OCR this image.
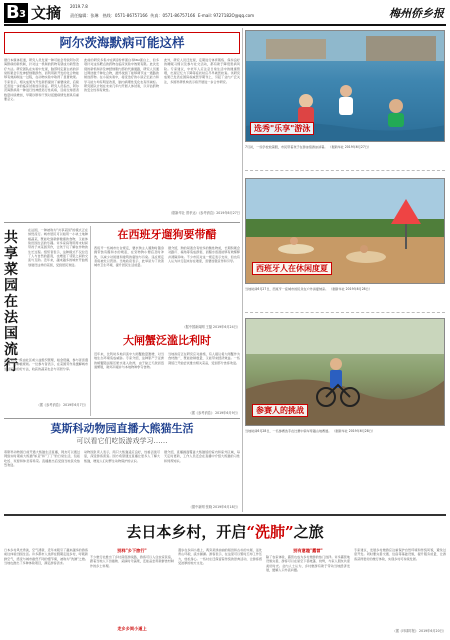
B 3 文摘 2019.7.8
责任编辑：张琳 热线：0571-86757166 传真：0571-86757166 E-mail: 9727182O@qq.com	梅州侨乡报
阿尔茨海默病可能这样
据日本媒体报道，研究人员发现一种可能会导致阿尔茨海默病的新机制，针对这一机制的药物有望成为新型治疗方法。研究团队在实验中发现，脑部特定蛋白质的异常积累会引发神经细胞损伤，而利用新开发的化合物能够有效抑制这一过程，在动物实验中取得了显著效果。专家表示，相关成果为开发新药提供了重要线索，后续还需进一步的临床试验加以验证。研究人员指出，阿尔茨海默病是一种进行性神经退行性疾病，目前全球患者数量持续增加，早期诊断和干预对延缓病情发展具有重要意义。
此前的研究多集中在β淀粉样蛋白和tau蛋白上，但多项针对这些靶点的药物在临床试验中效果有限。此次发现的新机制涉及神经细胞内部的代谢通路，研究人员通过筛选数千种化合物，最终找到了能够调节这一通路的候选药物。在小鼠实验中，接受治疗的小鼠记忆能力和学习能力均有明显改善，脑内病理性变化也有所减轻。研究团队计划在未来几年内开展人体试验，以评估药物的安全性和有效性。
此外，研究人员还发现，定期进行体育锻炼、保持良好的睡眠习惯以及参与社交活动，都有助于降低患病风险。专家建议，中老年人应注意日常生活中的健康管理，出现记忆力下降等症状时应尽早就医检查。该研究成果已发表在国际权威医学期刊上，引起了业内广泛关注，多国科研机构表示将开展进一步合作研究。
（据新华社 曾孝达）《参考消息》2019年6月27日
选秀"乐享"游泳
7月初，一些学校放暑假，市民带着孩子在游泳馆游泳消暑。 （据新华社 2019年6月27日）
共享菜园在法国流行
在法国，一种被称为"共享菜园"的模式正在悄然流行。城市居民可以租用一小块土地种植蔬菜，既能吃到新鲜健康的食物，又能体验田园生活的乐趣。许多家庭利用周末时间带孩子来菜园劳作，让孩子们了解农作物的生长过程。组织者表示，这种模式不仅拉近了人与自然的距离，也增进了邻里之间的交流与互助。近年来，越来越多的城市开始规划建设这样的菜园，受到居民欢迎。
共享菜园一般由社区或公益组织管理，租金低廉，参与者需遵守统一的种植规则。一位参与者表示，在菜园劳作是缓解城市生活压力的好方法，收获的蔬菜也会与邻居分享。
（据《参考消息》 2019年6月7日）
在西班牙遛狗要带醋
西班牙一些城市出台规定，要求狗主人遛狗时随身携带装有醋和水的喷壶，在宠物狗小便后及时冲洗，以减少对街道和建筑的腐蚀与污染。违反规定者将被处以罚款。当地政府表示，此举是为了改善城市卫生环境，提升居民生活质量。
据介绍，狗的尿液含有较多的酸性物质，长期积累会对路灯、墙角等造成损害，而醋水溶液能够有效稀释并清除异味。不少市民对这一规定表示支持，但也有人认为执行起来存在难度，需要加强宣传和引导。
（据中国新闻网 王磊 2019年6月24日）
西班牙人在休闲度夏
当地时间6月27日，西班牙一座城市的民众在户外消夏纳凉。 （据新华社 2019年6月28日）
大闸蟹泛滥比利时
近年来，比利时多地河流中大闸蟹数量激增，对当地生态环境造成威胁。专家介绍，这种原产于亚洲的螃蟹随货船压舱水进入欧洲，由于缺乏天敌而迅速繁殖，破坏河堤并与本地物种争夺食物。
当地政府正在研究应对措施，有人提议将大闸蟹作为食材推广，既能控制数量，又能带来经济效益。一些餐馆已开始尝试推出相关菜品，受到部分食客欢迎。
（据《参考消息》 2019年6月9日）	参赛人的挑战
当地时间6月28日，一名参赛选手在比赛中骑车穿越山地赛道。 （据新华社 2019年6月28日）
莫斯科动物园直播大熊猫生活
可以看它们吃饭游戏学习……
莫斯科动物园日前开通大熊猫生活直播，网友可以通过网络实时观看大熊猫"如意"和"丁丁"的日常生活，包括吃饭、玩耍和休息等场景。直播推出后受到当地民众热烈欢迎。
动物园负责人表示，两只大熊猫适应良好，性格活泼可爱，深受游客喜爱。园方希望通过直播让更多人了解大熊猫，增进人们对野生动物保护的认识。
据介绍，直播画面覆盖大熊猫馆的室内和室外区域，每天定时更新，工作人员还会在直播中介绍大熊猫的习性和饲养知识。
（据中新网 张晓 2019年6月18日）
去日本乡村，开启“洗肺”之旅
日本乡村风光秀美，空气清新，近年来吸引了越来越多的游客前往体验田园生活。许多都市人选择在假期走进乡村，呼吸新鲜空气，感受与城市截然不同的慢节奏，被称为"洗肺"之旅。当地也推出了多种体验项目，满足游客需求。
别样"乡下旅行"
不少旅行社推出了乡村深度游线路，游客可以入住农家民宿，跟着当地人下田插秧、采摘时令蔬果，还能品尝用新鲜食材制作的乡土料理。
走乡乡间小道上
漫步在乡间小道上，两旁是绿油油的稻田和古朴的木屋，远处青山环抱，溪水潺潺。游客表示，在这里可以暂时忘却工作压力，放松身心。一些村庄还保留着传统的祭典活动，让游客感受浓厚的地方文化。
别有意趣"露营"
除了农家体验，露营也成为乡村旅游的热门选择。许多露营地设施完善，游客可以在星空下搭帐篷、烧烤，与家人朋友共度美好时光。业内人士认为，乡村旅游有助于带动当地经济发展，缓解人口外流问题。
专家建议，发展乡村旅游应注重保护自然环境和传统风貌，避免过度开发。同时要完善交通、住宿等基础设施，提升服务质量，让游客获得更好的旅行体验，实现乡村可持续发展。
（据《环球时报》 2019年6月20日）
